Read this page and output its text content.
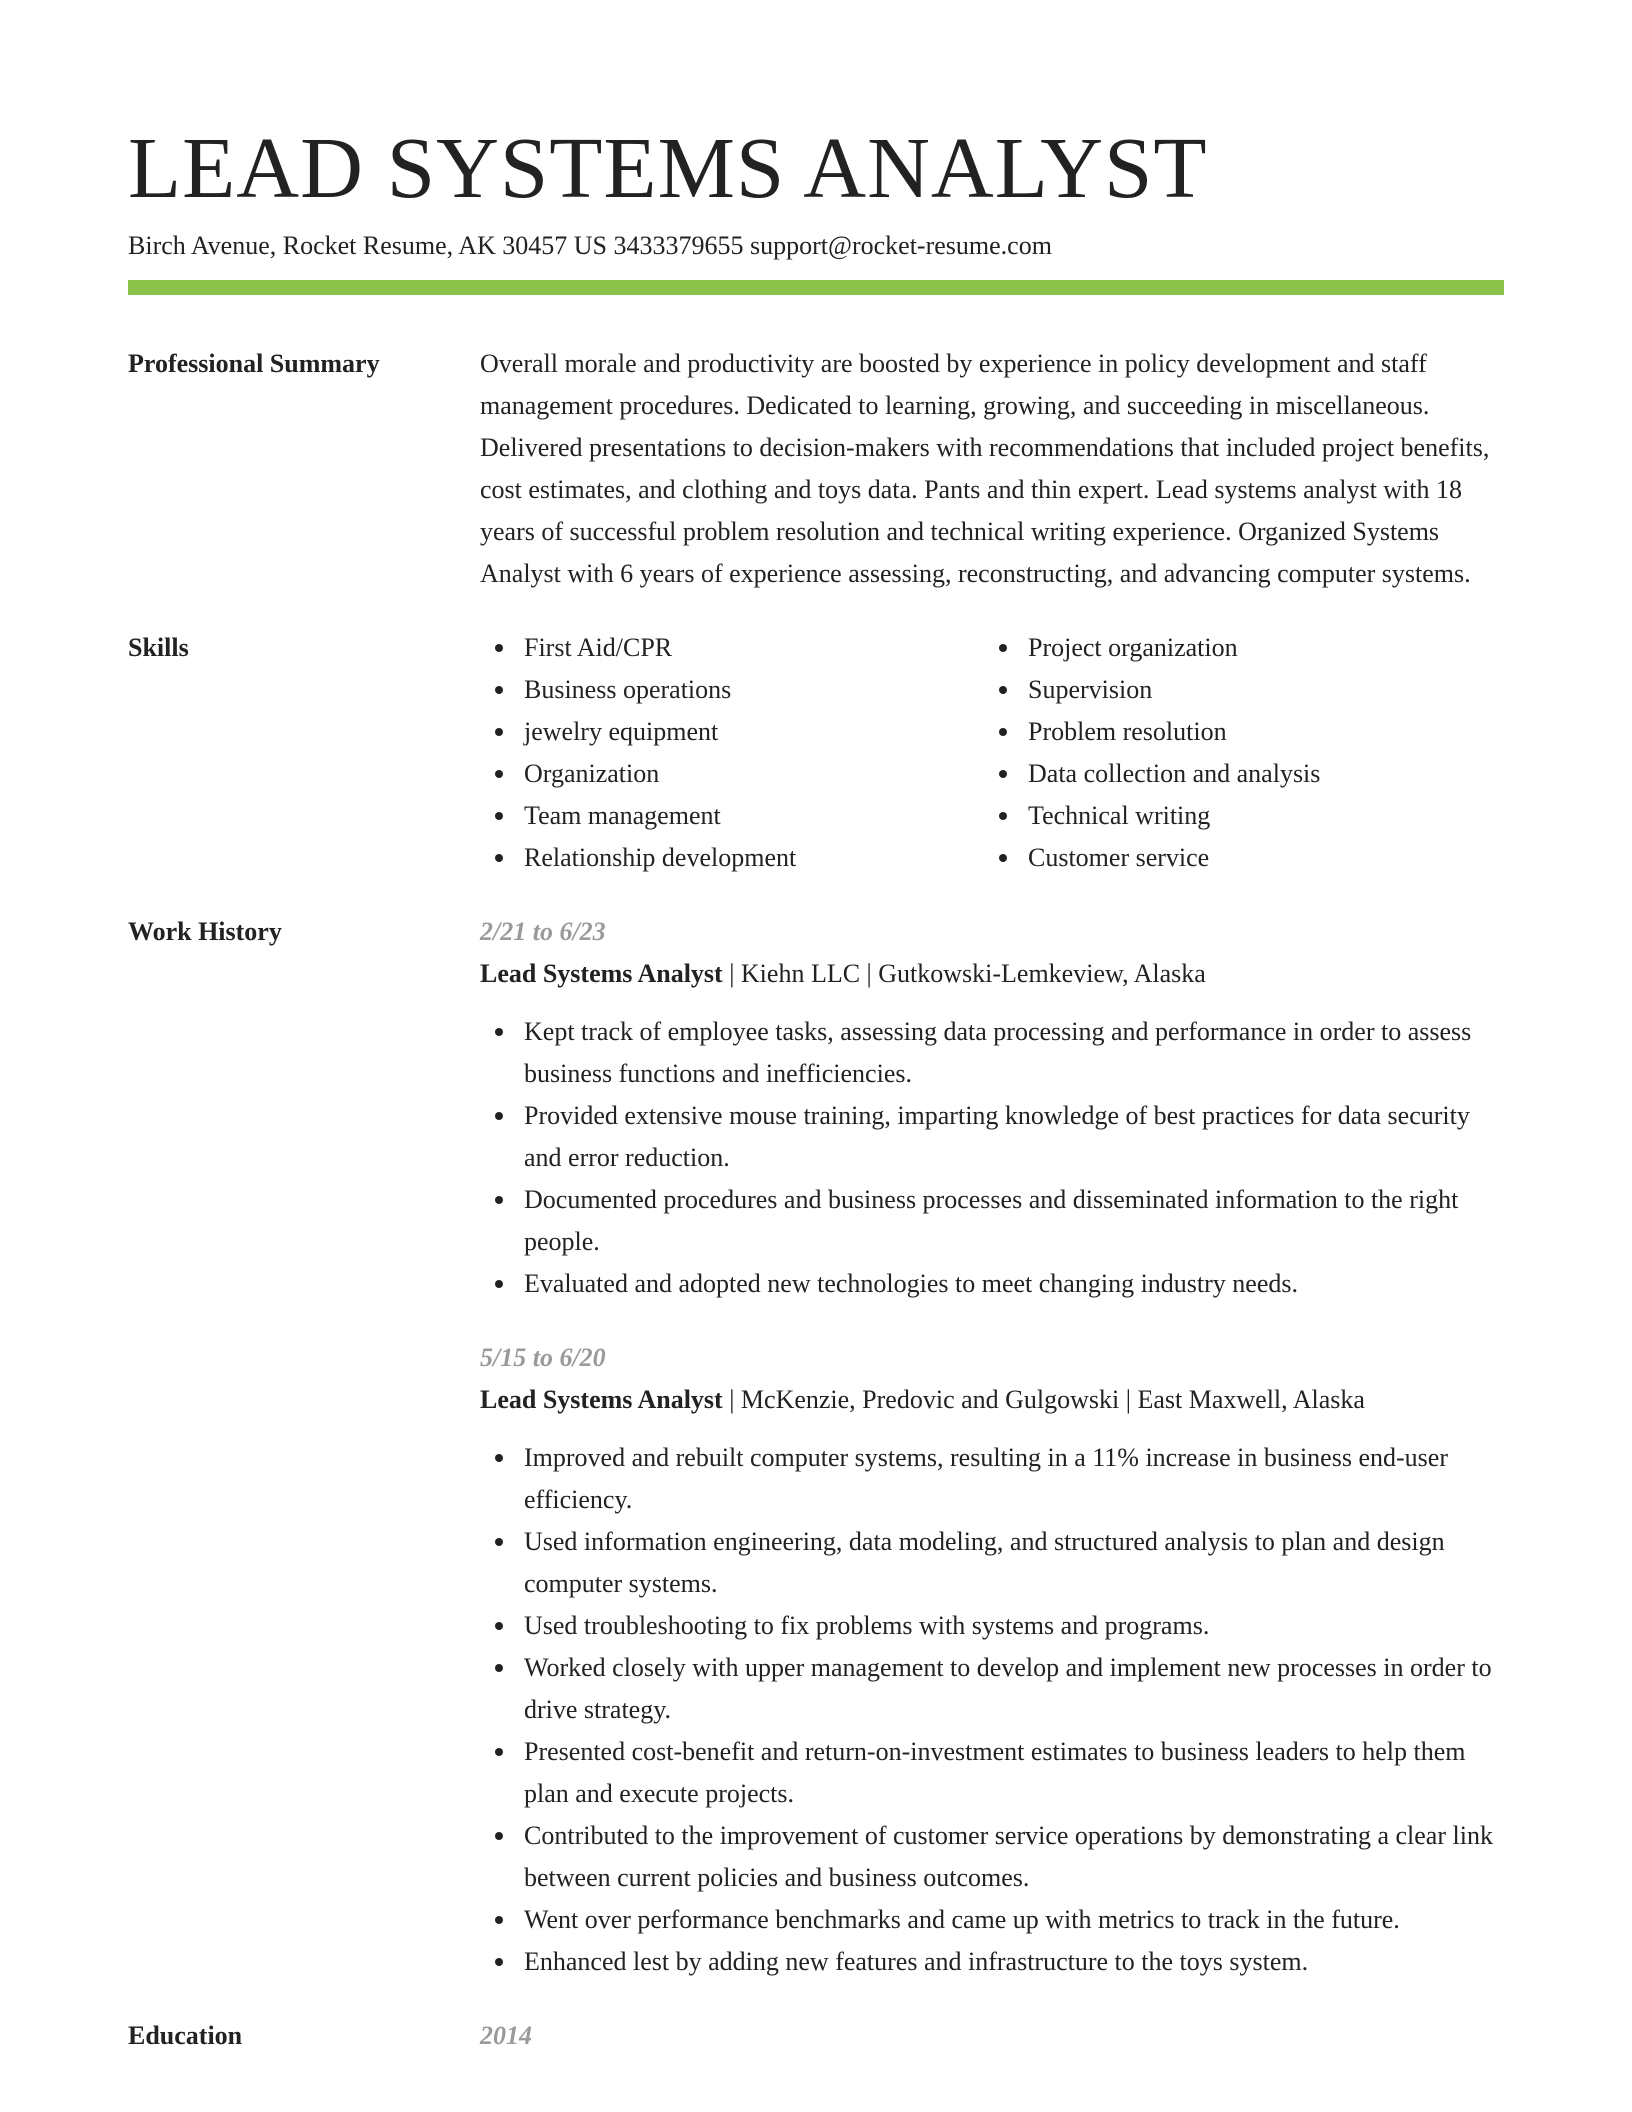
LEAD SYSTEMS ANALYST
Birch Avenue, Rocket Resume, AK 30457 US 3433379655 support@rocket-resume.com
Professional Summary	Overall morale and productivity are boosted by experience in policy development and staff management procedures. Dedicated to learning, growing, and succeeding in miscellaneous. Delivered presentations to decision-makers with recommendations that included project benefits, cost estimates, and clothing and toys data. Pants and thin expert. Lead systems analyst with 18 years of successful problem resolution and technical writing experience. Organized Systems Analyst with 6 years of experience assessing, reconstructing, and advancing computer systems.
Skills	First Aid/CPR
Business operations
jewelry equipment
Organization
Team management
Relationship development
Project organization
Supervision
Problem resolution
Data collection and analysis
Technical writing
Customer service
Work History	2/21 to 6/23
Lead Systems Analyst | Kiehn LLC | Gutkowski-Lemkeview, Alaska
Kept track of employee tasks, assessing data processing and performance in order to assess business functions and inefficiencies.
Provided extensive mouse training, imparting knowledge of best practices for data security and error reduction.
Documented procedures and business processes and disseminated information to the right people.
Evaluated and adopted new technologies to meet changing industry needs.
5/15 to 6/20
Lead Systems Analyst | McKenzie, Predovic and Gulgowski | East Maxwell, Alaska
Improved and rebuilt computer systems, resulting in a 11% increase in business end-user efficiency.
Used information engineering, data modeling, and structured analysis to plan and design computer systems.
Used troubleshooting to fix problems with systems and programs.
Worked closely with upper management to develop and implement new processes in order to drive strategy.
Presented cost-benefit and return-on-investment estimates to business leaders to help them plan and execute projects.
Contributed to the improvement of customer service operations by demonstrating a clear link between current policies and business outcomes.
Went over performance benchmarks and came up with metrics to track in the future.
Enhanced lest by adding new features and infrastructure to the toys system.
Education	2014
